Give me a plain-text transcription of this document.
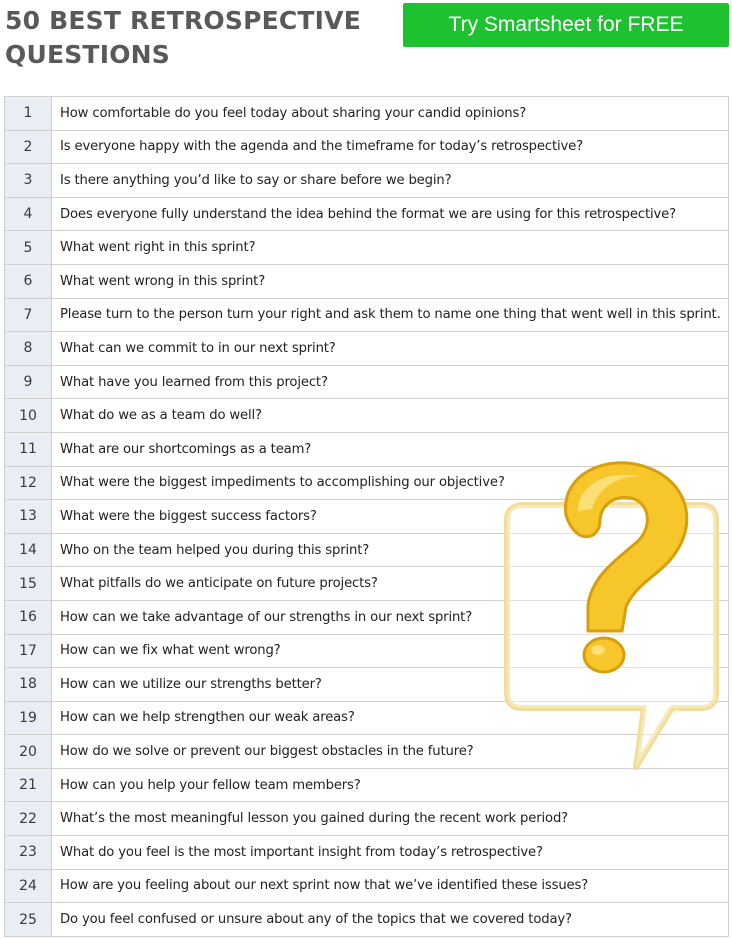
50 BEST RETROSPECTIVE QUESTIONS
Try Smartsheet for FREE
1	How comfortable do you feel today about sharing your candid opinions?
2	Is everyone happy with the agenda and the timeframe for today’s retrospective?
3	Is there anything you’d like to say or share before we begin?
4	Does everyone fully understand the idea behind the format we are using for this retrospective?
5	What went right in this sprint?
6	What went wrong in this sprint?
7	Please turn to the person turn your right and ask them to name one thing that went well in this sprint.
8	What can we commit to in our next sprint?
9	What have you learned from this project?
10	What do we as a team do well?
11	What are our shortcomings as a team?
12	What were the biggest impediments to accomplishing our objective?
13	What were the biggest success factors?
14	Who on the team helped you during this sprint?
15	What pitfalls do we anticipate on future projects?
16	How can we take advantage of our strengths in our next sprint?
17	How can we fix what went wrong?
18	How can we utilize our strengths better?
19	How can we help strengthen our weak areas?
20	How do we solve or prevent our biggest obstacles in the future?
21	How can you help your fellow team members?
22	What’s the most meaningful lesson you gained during the recent work period?
23	What do you feel is the most important insight from today’s retrospective?
24	How are you feeling about our next sprint now that we’ve identified these issues?
25	Do you feel confused or unsure about any of the topics that we covered today?
